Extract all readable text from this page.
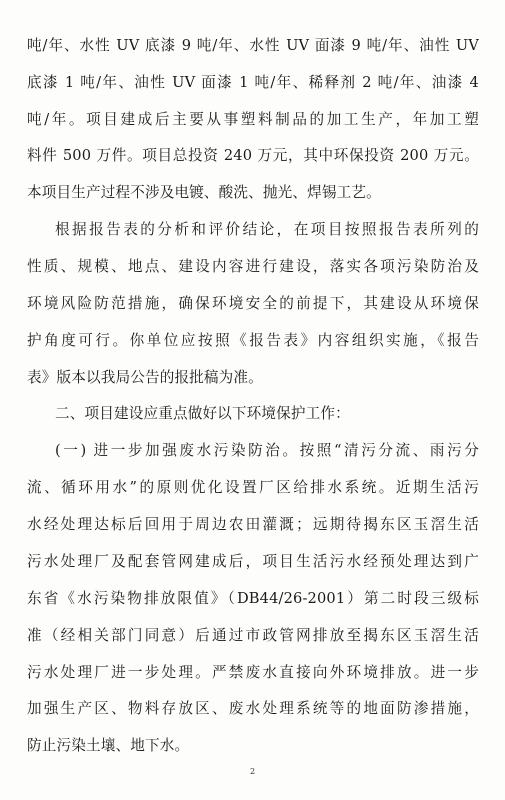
吨/年、水性 UV 底漆 9 吨/年、水性 UV 面漆 9 吨/年、油性 UV
底漆 1 吨/年、油性 UV 面漆 1 吨/年、稀释剂 2 吨/年、油漆 4
吨/年。项目建成后主要从事塑料制品的加工生产，年加工塑
料件 500 万件。项目总投资 240 万元，其中环保投资 200 万元。
本项目生产过程不涉及电镀、酸洗、抛光、焊锡工艺。
根据报告表的分析和评价结论，在项目按照报告表所列的
性质、规模、地点、建设内容进行建设，落实各项污染防治及
环境风险防范措施，确保环境安全的前提下，其建设从环境保
护角度可行。你单位应按照《报告表》内容组织实施，《报告
表》版本以我局公告的报批稿为准。
二、项目建设应重点做好以下环境保护工作：
(一) 进一步加强废水污染防治。按照“清污分流、雨污分
流、循环用水”的原则优化设置厂区给排水系统。近期生活污
水经处理达标后回用于周边农田灌溉；远期待揭东区玉滘生活
污水处理厂及配套管网建成后，项目生活污水经预处理达到广
东省《水污染物排放限值》（DB44/26-2001）第二时段三级标
准（经相关部门同意）后通过市政管网排放至揭东区玉滘生活
污水处理厂进一步处理。严禁废水直接向外环境排放。进一步
加强生产区、物料存放区、废水处理系统等的地面防渗措施，
防止污染土壤、地下水。
2
